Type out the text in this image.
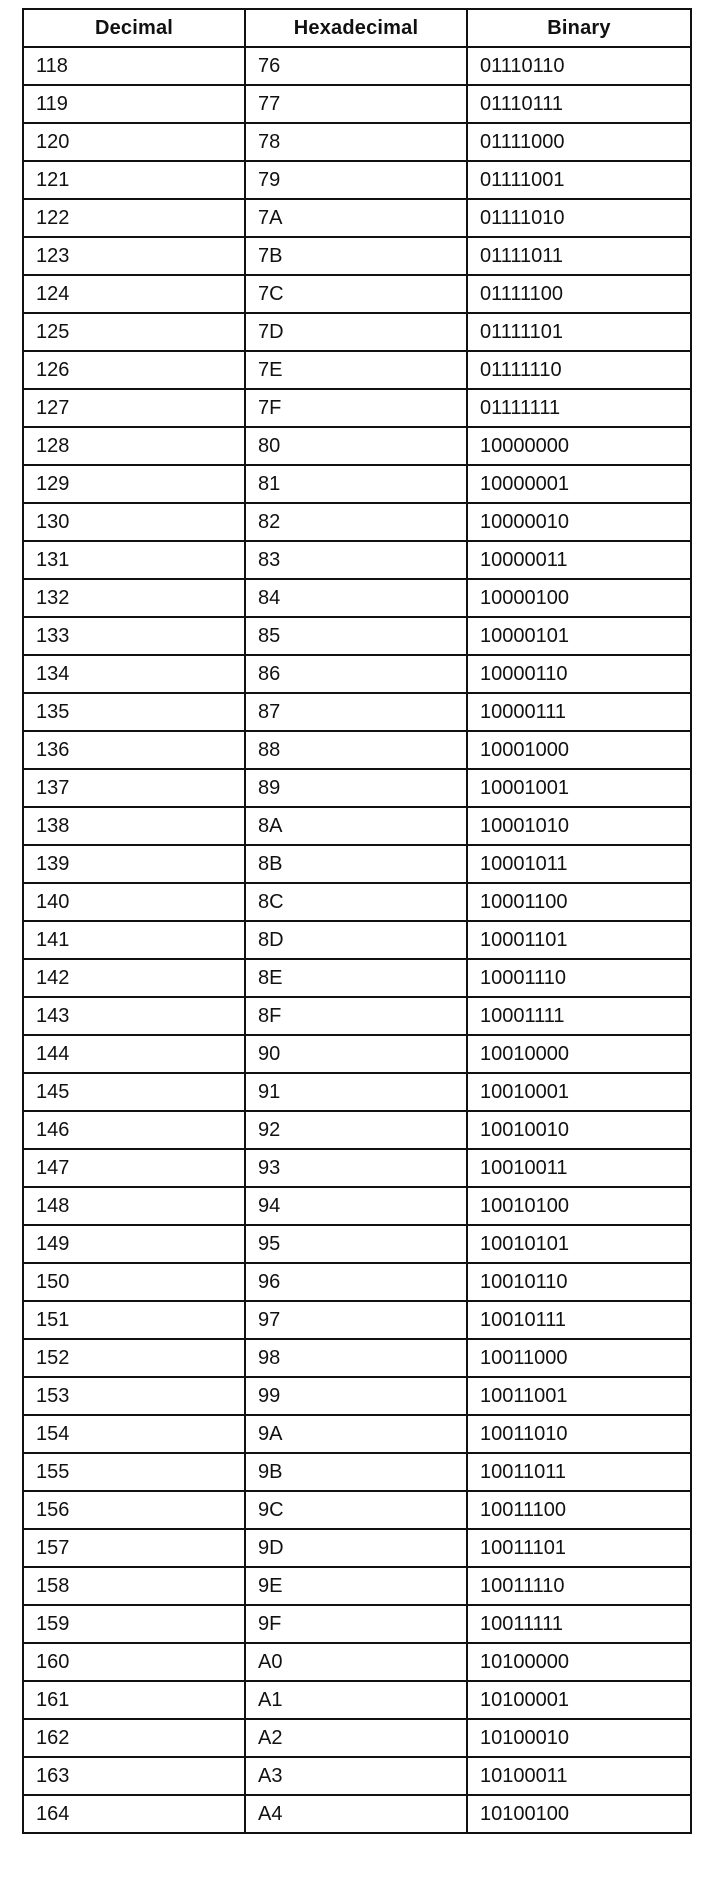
Decimal	Hexadecimal	Binary
118	76	01110110
119	77	01110111
120	78	01111000
121	79	01111001
122	7A	01111010
123	7B	01111011
124	7C	01111100
125	7D	01111101
126	7E	01111110
127	7F	01111111
128	80	10000000
129	81	10000001
130	82	10000010
131	83	10000011
132	84	10000100
133	85	10000101
134	86	10000110
135	87	10000111
136	88	10001000
137	89	10001001
138	8A	10001010
139	8B	10001011
140	8C	10001100
141	8D	10001101
142	8E	10001110
143	8F	10001111
144	90	10010000
145	91	10010001
146	92	10010010
147	93	10010011
148	94	10010100
149	95	10010101
150	96	10010110
151	97	10010111
152	98	10011000
153	99	10011001
154	9A	10011010
155	9B	10011011
156	9C	10011100
157	9D	10011101
158	9E	10011110
159	9F	10011111
160	A0	10100000
161	A1	10100001
162	A2	10100010
163	A3	10100011
164	A4	10100100
